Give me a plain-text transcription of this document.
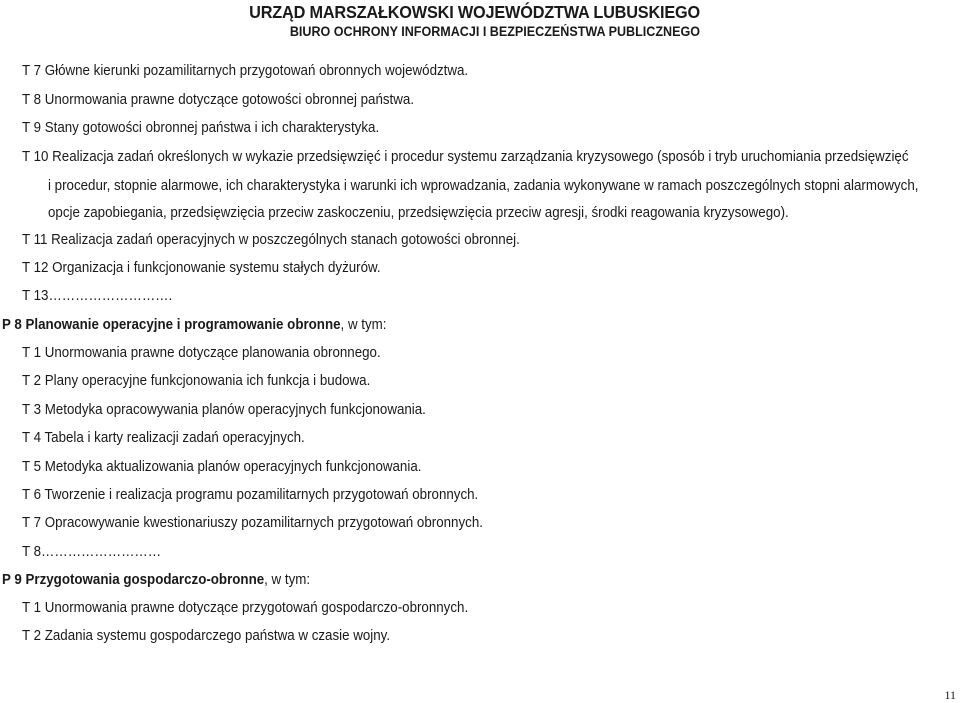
URZĄD MARSZAŁKOWSKI WOJEWÓDZTWA LUBUSKIEGO
BIURO OCHRONY INFORMACJI I BEZPIECZEŃSTWA PUBLICZNEGO
T 7 Główne kierunki pozamilitarnych przygotowań obronnych województwa.
T 8 Unormowania prawne dotyczące gotowości obronnej państwa.
T 9 Stany gotowości obronnej państwa i ich charakterystyka.
T 10 Realizacja zadań określonych w wykazie przedsięwzięć i procedur systemu zarządzania kryzysowego (sposób i tryb uruchomiania przedsięwzięć
i procedur, stopnie alarmowe, ich charakterystyka i warunki ich wprowadzania, zadania wykonywane w ramach poszczególnych stopni alarmowych,
opcje zapobiegania, przedsięwzięcia przeciw zaskoczeniu, przedsięwzięcia przeciw agresji, środki reagowania kryzysowego).
T 11 Realizacja zadań operacyjnych w poszczególnych stanach gotowości obronnej.
T 12 Organizacja i funkcjonowanie systemu stałych dyżurów.
T 13……………………….
P 8 Planowanie operacyjne i programowanie obronne, w tym:
T 1 Unormowania prawne dotyczące planowania obronnego.
T 2 Plany operacyjne funkcjonowania ich funkcja i budowa.
T 3 Metodyka opracowywania planów operacyjnych funkcjonowania.
T 4 Tabela i karty realizacji zadań operacyjnych.
T 5 Metodyka aktualizowania planów operacyjnych funkcjonowania.
T 6 Tworzenie i realizacja programu pozamilitarnych przygotowań obronnych.
T 7 Opracowywanie kwestionariuszy pozamilitarnych przygotowań obronnych.
T 8………………………
P 9 Przygotowania gospodarczo-obronne, w tym:
T 1 Unormowania prawne dotyczące przygotowań gospodarczo-obronnych.
T 2 Zadania systemu gospodarczego państwa w czasie wojny.
11
